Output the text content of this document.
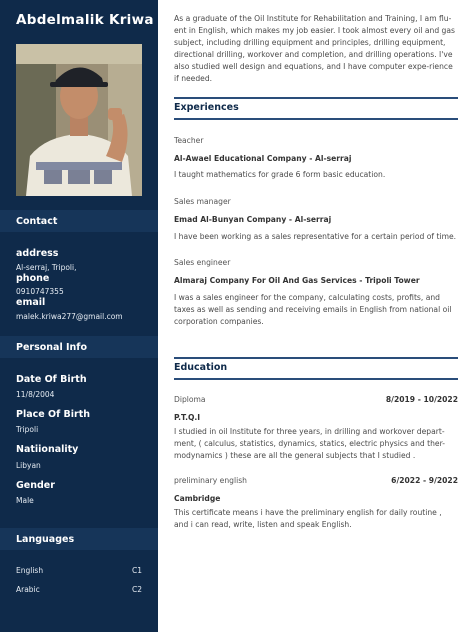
Abdelmalik Kriwa
Contact
address
Al-serraj, Tripoli,
phone
0910747355
email
malek.kriwa277@gmail.com
Personal Info
Date Of Birth
11/8/2004
Place Of Birth
Tripoli
Natiionality
Libyan
Gender
Male
Languages
English	C1
Arabic	C2
As a graduate of the Oil Institute for Rehabilitation and Training, I am flu-ent in English, which makes my job easier. I took almost every oil and gas subject, including drilling equipment and principles, drilling equipment, directional drilling, workover and completion, and drilling operations. I've also studied well design and equations, and I have computer expe-rience if needed.
Experiences
Teacher
Al-Awael Educational Company - Al-serraj
I taught mathematics for grade 6 form basic education.
Sales manager
Emad Al-Bunyan Company - Al-serraj
I have been working as a sales representative for a certain period of time.
Sales engineer
Almaraj Company For Oil And Gas Services - Tripoli Tower
I was a sales engineer for the company, calculating costs, profits, and taxes as well as sending and receiving emails in English from national oil corporation companies.
Education
Diploma	8/2019 - 10/2022
P.T.Q.I
I studied in oil Institute for three years, in drilling and workover depart-ment, ( calculus, statistics, dynamics, statics, electric physics and ther-modynamics ) these are all the general subjects that I studied .
preliminary english	6/2022 - 9/2022
Cambridge
This certificate means i have the preliminary english for daily routine , and i can read, write, listen and speak English.
